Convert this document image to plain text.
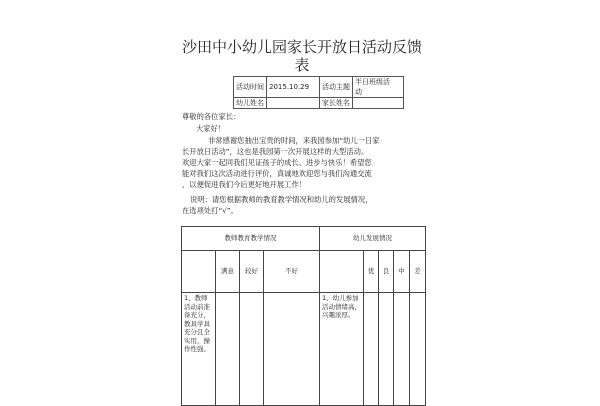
沙田中小幼儿园家长开放日活动反馈
表
活动时间	2015.10.29	活动主题	半日班级活
动

幼儿姓名		家长姓名	
尊敬的各位家长：
大家好！
非常感谢您抽出宝贵的时间，来我园参加“幼儿一日家
长开放日活动”，这也是我园第一次开展这样的大型活动。
欢迎大家一起同我们见证孩子的成长、进步与快乐！希望您
能对我们这次活动进行评价，真诚地欢迎您与我们沟通交流
，以便促进我们今后更好地开展工作！
说明：请您根据教师的教育教学情况和幼儿的发展情况，
在选项处打“√”。
教师教育教学情况				幼儿发展情况				
	满意	较好	不好		优	良	中	差
1、教师活动前准备充分，教具学具充分且全实用，操作性强。				1、幼儿参加活动情绪高，兴趣浓厚。				
